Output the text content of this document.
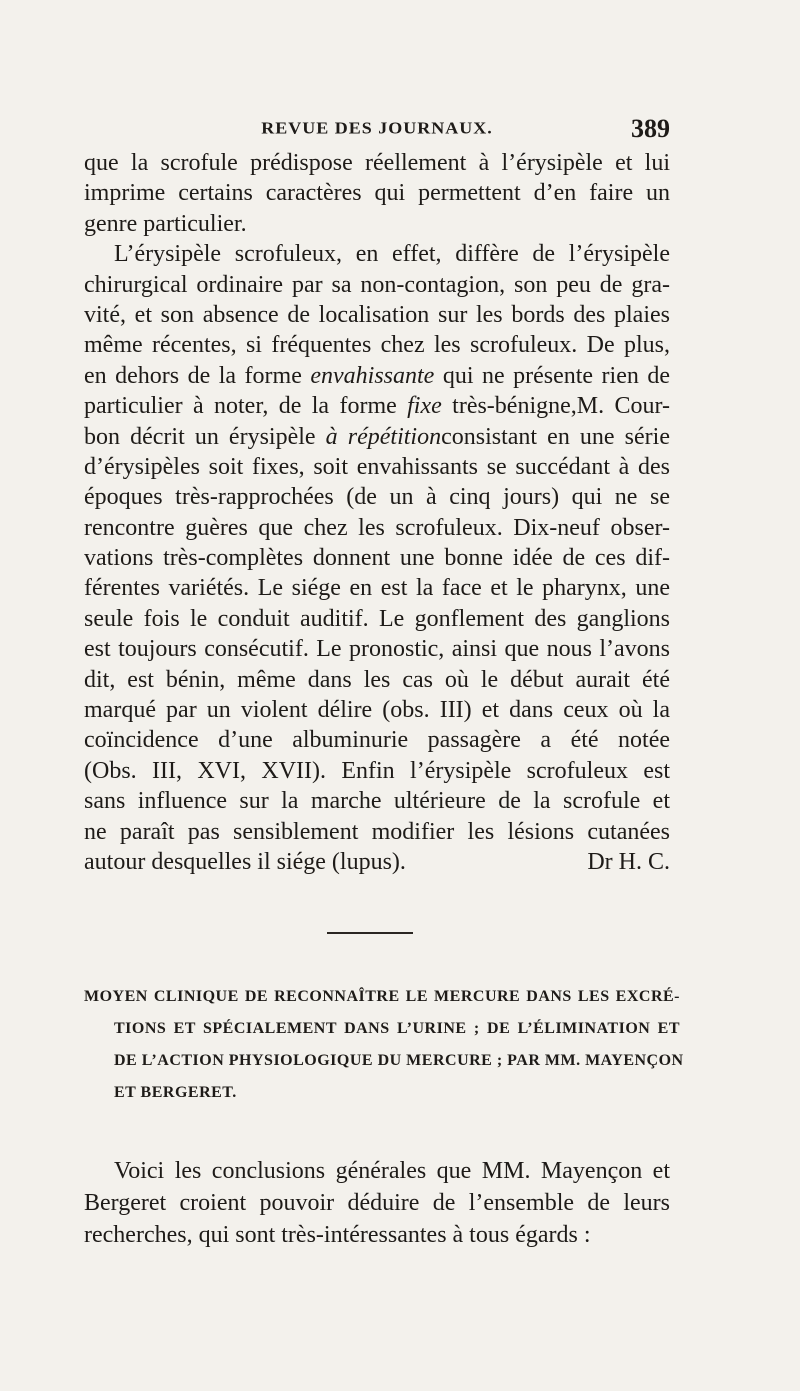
REVUE DES JOURNAUX.	389
que la scrofule prédispose réellement à l’érysipèle et lui
imprime certains caractères qui permettent d’en faire un
genre particulier.
L’érysipèle scrofuleux, en effet, diffère de l’érysipèle
chirurgical ordinaire par sa non-contagion, son peu de gra-
vité, et son absence de localisation sur les bords des plaies
même récentes, si fréquentes chez les scrofuleux. De plus,
en dehors de la forme envahissante qui ne présente rien de
particulier à noter, de la forme fixe très-bénigne,M. Cour-
bon décrit un érysipèle à répétitionconsistant en une série
d’érysipèles soit fixes, soit envahissants se succédant à des
époques très-rapprochées (de un à cinq jours) qui ne se
rencontre guères que chez les scrofuleux. Dix-neuf obser-
vations très-complètes donnent une bonne idée de ces dif-
férentes variétés. Le siége en est la face et le pharynx, une
seule fois le conduit auditif. Le gonflement des ganglions
est toujours consécutif. Le pronostic, ainsi que nous l’avons
dit, est bénin, même dans les cas où le début aurait été
marqué par un violent délire (obs. III) et dans ceux où la
coïncidence d’une albuminurie passagère a été notée
(Obs. III, XVI, XVII). Enfin l’érysipèle scrofuleux est
sans influence sur la marche ultérieure de la scrofule et
ne paraît pas sensiblement modifier les lésions cutanées
autour desquelles il siége (lupus).	Dr H. C.
MOYEN CLINIQUE DE RECONNAÎTRE LE MERCURE DANS LES EXCRÉ-
TIONS ET SPÉCIALEMENT DANS L’URINE ; DE L’ÉLIMINATION ET
DE L’ACTION PHYSIOLOGIQUE DU MERCURE ; PAR MM. MAYENÇON
ET BERGERET.
Voici les conclusions générales que MM. Mayençon et
Bergeret croient pouvoir déduire de l’ensemble de leurs
recherches, qui sont très-intéressantes à tous égards :
